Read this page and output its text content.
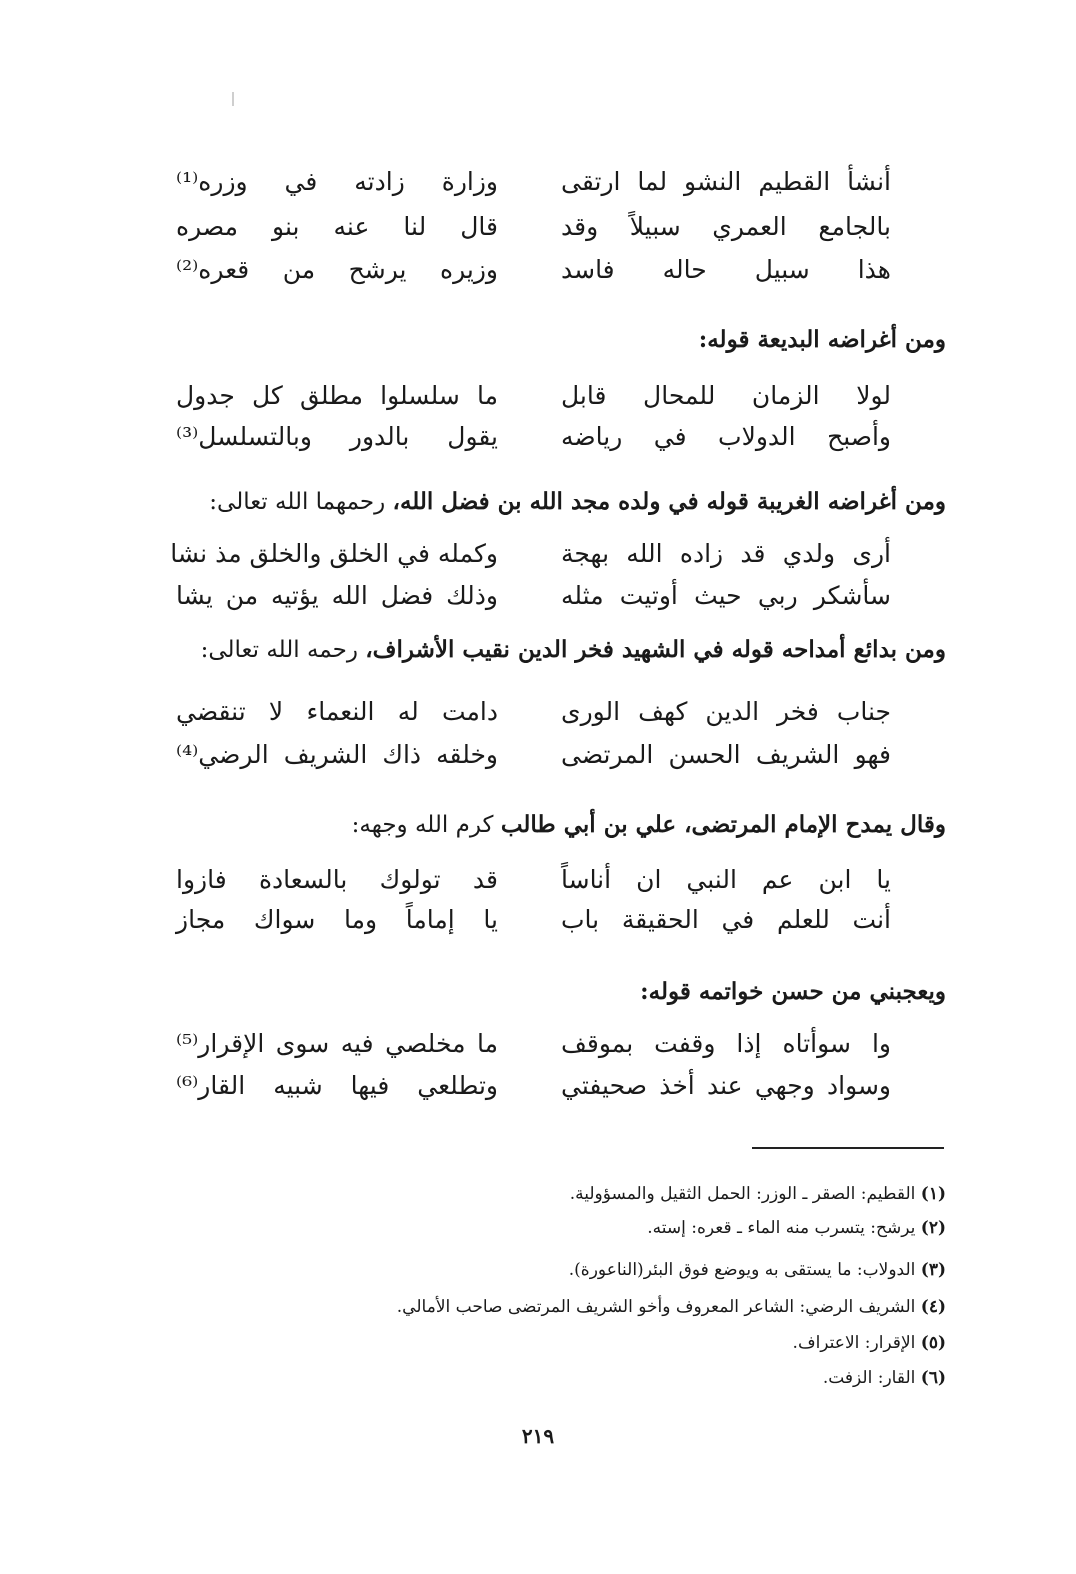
أنشأ القطيم النشو لما ارتقى
وزارة زادته في وزره⁽¹⁾
بالجامع العمري سبيلاً وقد
قال لنا عنه بنو مصره
هذا سبيل حاله فاسد
وزيره يرشح من قعره⁽²⁾
ومن أغراضه البديعة قوله:
لولا الزمان للمحال قابل
ما سلسلوا مطلق كل جدول
وأصبح الدولاب في رياضه
يقول بالدور وبالتسلسل⁽³⁾
ومن أغراضه الغريبة قوله في ولده مجد الله بن فضل الله، رحمهما الله تعالى:
أرى ولدي قد زاده الله بهجة
وكمله في الخلق والخلق مذ نشا
سأشكر ربي حيث أوتيت مثله
وذلك فضل الله يؤتيه من يشا
ومن بدائع أمداحه قوله في الشهيد فخر الدين نقيب الأشراف، رحمه الله تعالى:
جناب فخر الدين كهف الورى
دامت له النعماء لا تنقضي
فهو الشريف الحسن المرتضى
وخلقه ذاك الشريف الرضي⁽⁴⁾
وقال يمدح الإمام المرتضى، علي بن أبي طالب كرم الله وجهه:
يا ابن عم النبي ان أناساً
قد تولوك بالسعادة فازوا
أنت للعلم في الحقيقة باب
يا إماماً وما سواك مجاز
ويعجبني من حسن خواتمه قوله:
وا سوأتاه إذا وقفت بموقف
ما مخلصي فيه سوى الإقرار⁽⁵⁾
وسواد وجهي عند أخذ صحيفتي
وتطلعي فيها شبيه القار⁽⁶⁾
(١) القطيم: الصقر ـ الوزر: الحمل الثقيل والمسؤولية.
(٢) يرشح: يتسرب منه الماء ـ قعره: إسته.
(٣) الدولاب: ما يستقى به ويوضع فوق البئر(الناعورة).
(٤) الشريف الرضي: الشاعر المعروف وأخو الشريف المرتضى صاحب الأمالي.
(٥) الإقرار: الاعتراف.
(٦) القار: الزفت.
٢١٩
